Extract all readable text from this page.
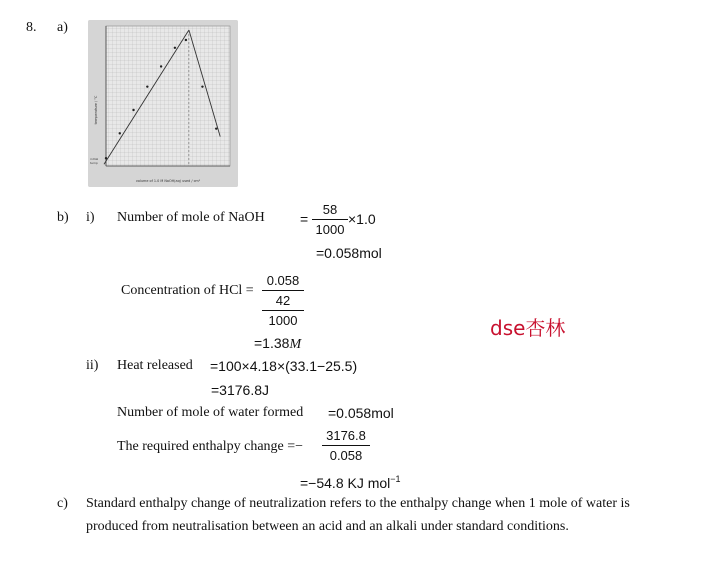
8. a)
initial
temp
volume of 1.0 M NaOH(aq) used / cm³
temperature / °C
b) i) Number of mole of NaOH	= $\frac{58}{1000} \times 1.0$
=0.058mol
Concentration of HCl =
0.058
42
1000
=1.38M
dse杏林
ii) Heat released =100×4.18×(33.1−25.5)
=3176.8J
Number of mole of water formed =0.058mol
The required enthalpy change =− $\frac{3176.8}{0.058}$
=−54.8 KJ mol$^{-1}$
c) Standard enthalpy change of neutralization refers to the enthalpy change when 1 mole of water is
produced from neutralisation between an acid and an alkali under standard conditions.
